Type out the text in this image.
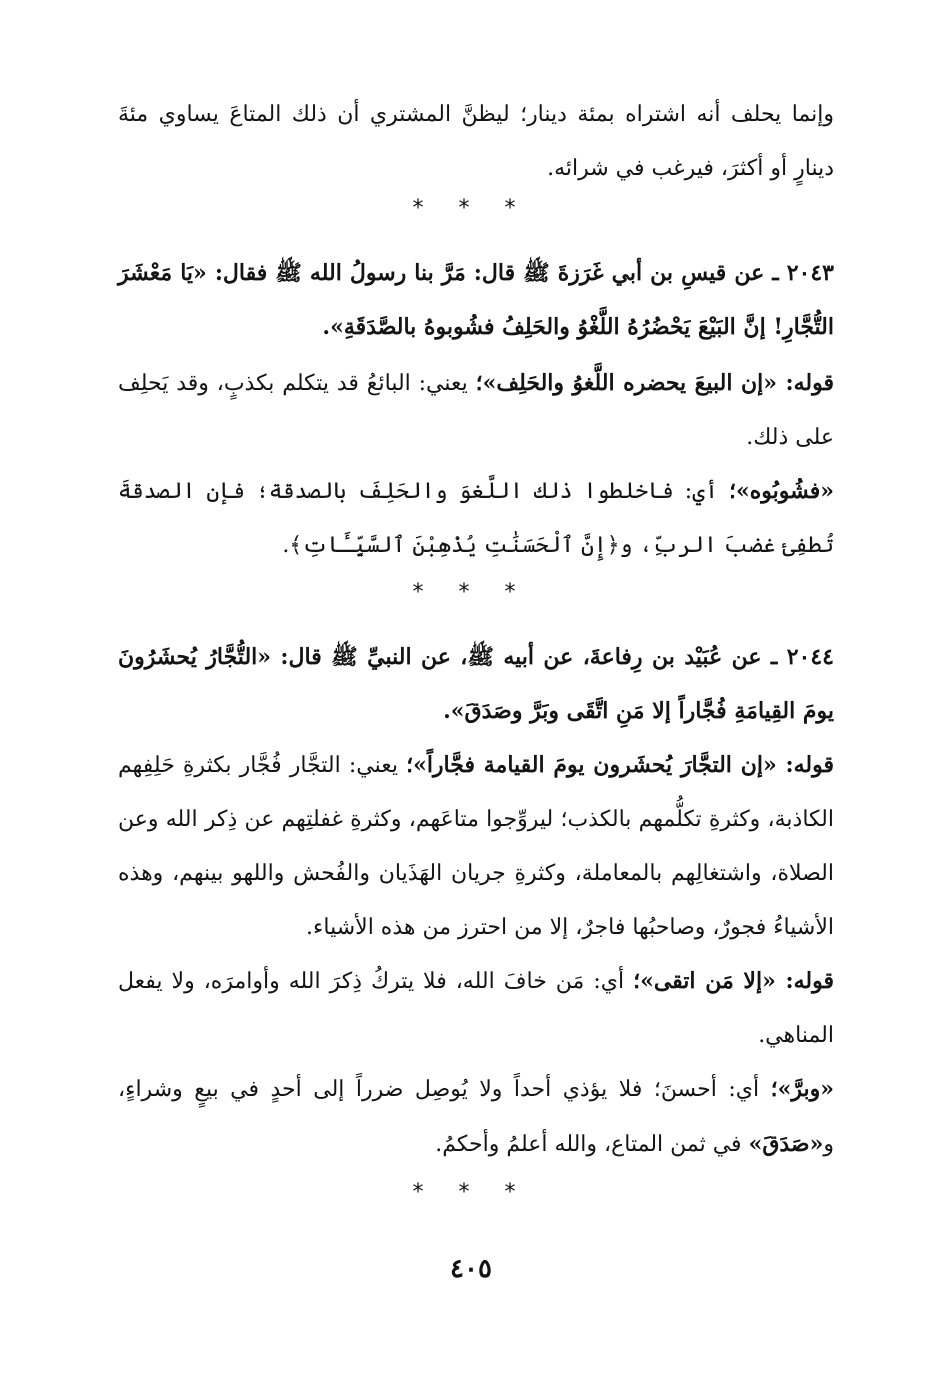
وإنما يحلف أنه اشتراه بمئة دينار؛ ليظنَّ المشتري أن ذلك المتاعَ يساوي مئةَ دينارٍ أو أكثرَ، فيرغب في شرائه.

* * *

٢٠٤٣ ـ عن قيسِ بن أبي غَرَزةَ ﷺ قال: مَرَّ بنا رسولُ الله ﷺ فقال: «يَا مَعْشَرَ التُّجَّارِ! إنَّ البَيْعَ يَحْضُرُهُ اللَّغْوُ والحَلِفُ فشُوبوهُ بالصَّدَقَةِ».

قوله: «إن البيعَ يحضره اللَّغوُ والحَلِف»؛ يعني: البائعُ قد يتكلم بكذبٍ، وقد يَحلِف على ذلك.

«فشُوبُوه»؛ أي: فاخلطوا ذلك اللَّغوَ والحَلِفَ بالصدقة؛ فإن الصدقةَ تُطفِئ غضبَ الربِّ، و﴿إِنَّ ٱلْحَسَنَٰتِ يُذْهِبْنَ ٱلسَّيِّـَٔاتِ﴾.

* * *

٢٠٤٤ ـ عن عُبَيْد بن رِفاعةَ، عن أبيه ﷺ، عن النبيِّ ﷺ قال: «التُّجَّارُ يُحشَرُونَ يومَ القِيامَةِ فُجَّاراً إلا مَنِ اتَّقَى وبَرَّ وصَدَقَ».

قوله: «إن التجَّارَ يُحشَرون يومَ القيامة فجَّاراً»؛ يعني: التجَّار فُجَّار بكثرةِ حَلِفِهم الكاذبة، وكثرةِ تكلُّمهم بالكذب؛ ليروِّجوا متاعَهم، وكثرةِ غفلتِهم عن ذِكر الله وعن الصلاة، واشتغالِهم بالمعاملة، وكثرةِ جريان الهَذَيان والفُحش واللهو بينهم، وهذه الأشياءُ فجورٌ، وصاحبُها فاجرٌ، إلا من احترز من هذه الأشياء.

قوله: «إلا مَن اتقى»؛ أي: مَن خافَ الله، فلا يتركُ ذِكرَ الله وأوامرَه، ولا يفعل المناهي.

«وبرَّ»؛ أي: أحسنَ؛ فلا يؤذي أحداً ولا يُوصِل ضرراً إلى أحدٍ في بيعٍ وشراءٍ، و«صَدَقَ» في ثمن المتاع، والله أعلمُ وأحكمُ.

* * *
٤٠٥
